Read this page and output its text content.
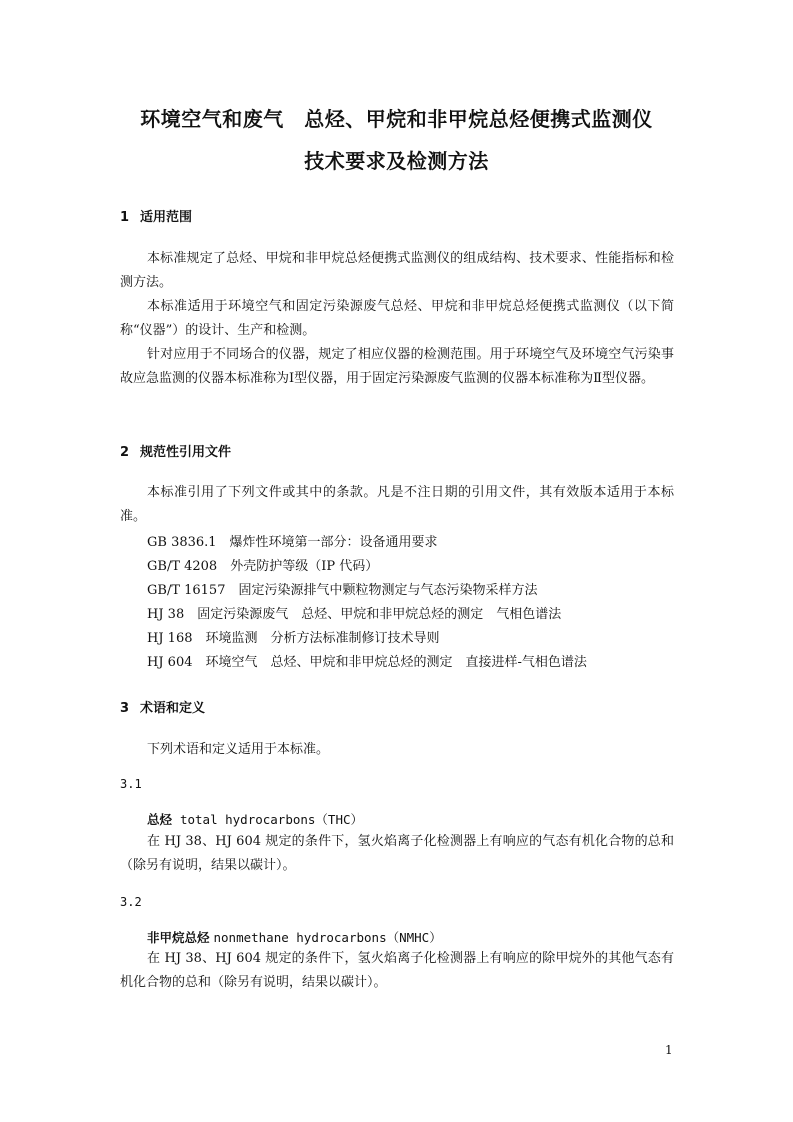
环境空气和废气　总烃、甲烷和非甲烷总烃便携式监测仪
技术要求及检测方法
1 适用范围
本标准规定了总烃、甲烷和非甲烷总烃便携式监测仪的组成结构、技术要求、性能指标和检测方法。
本标准适用于环境空气和固定污染源废气总烃、甲烷和非甲烷总烃便携式监测仪（以下简称“仪器”）的设计、生产和检测。
针对应用于不同场合的仪器，规定了相应仪器的检测范围。用于环境空气及环境空气污染事故应急监测的仪器本标准称为Ⅰ型仪器，用于固定污染源废气监测的仪器本标准称为Ⅱ型仪器。
2 规范性引用文件
本标准引用了下列文件或其中的条款。凡是不注日期的引用文件，其有效版本适用于本标准。
GB 3836.1　爆炸性环境第一部分：设备通用要求
GB/T 4208　外壳防护等级（IP 代码）
GB/T 16157　固定污染源排气中颗粒物测定与气态污染物采样方法
HJ 38　固定污染源废气　总烃、甲烷和非甲烷总烃的测定　气相色谱法
HJ 168　环境监测　分析方法标准制修订技术导则
HJ 604　环境空气　总烃、甲烷和非甲烷总烃的测定　直接进样-气相色谱法
3 术语和定义
下列术语和定义适用于本标准。
3.1
总烃 total hydrocarbons（THC）
在 HJ 38、HJ 604 规定的条件下，氢火焰离子化检测器上有响应的气态有机化合物的总和（除另有说明，结果以碳计）。
3.2
非甲烷总烃 nonmethane hydrocarbons（NMHC）
在 HJ 38、HJ 604 规定的条件下，氢火焰离子化检测器上有响应的除甲烷外的其他气态有机化合物的总和（除另有说明，结果以碳计）。
1
